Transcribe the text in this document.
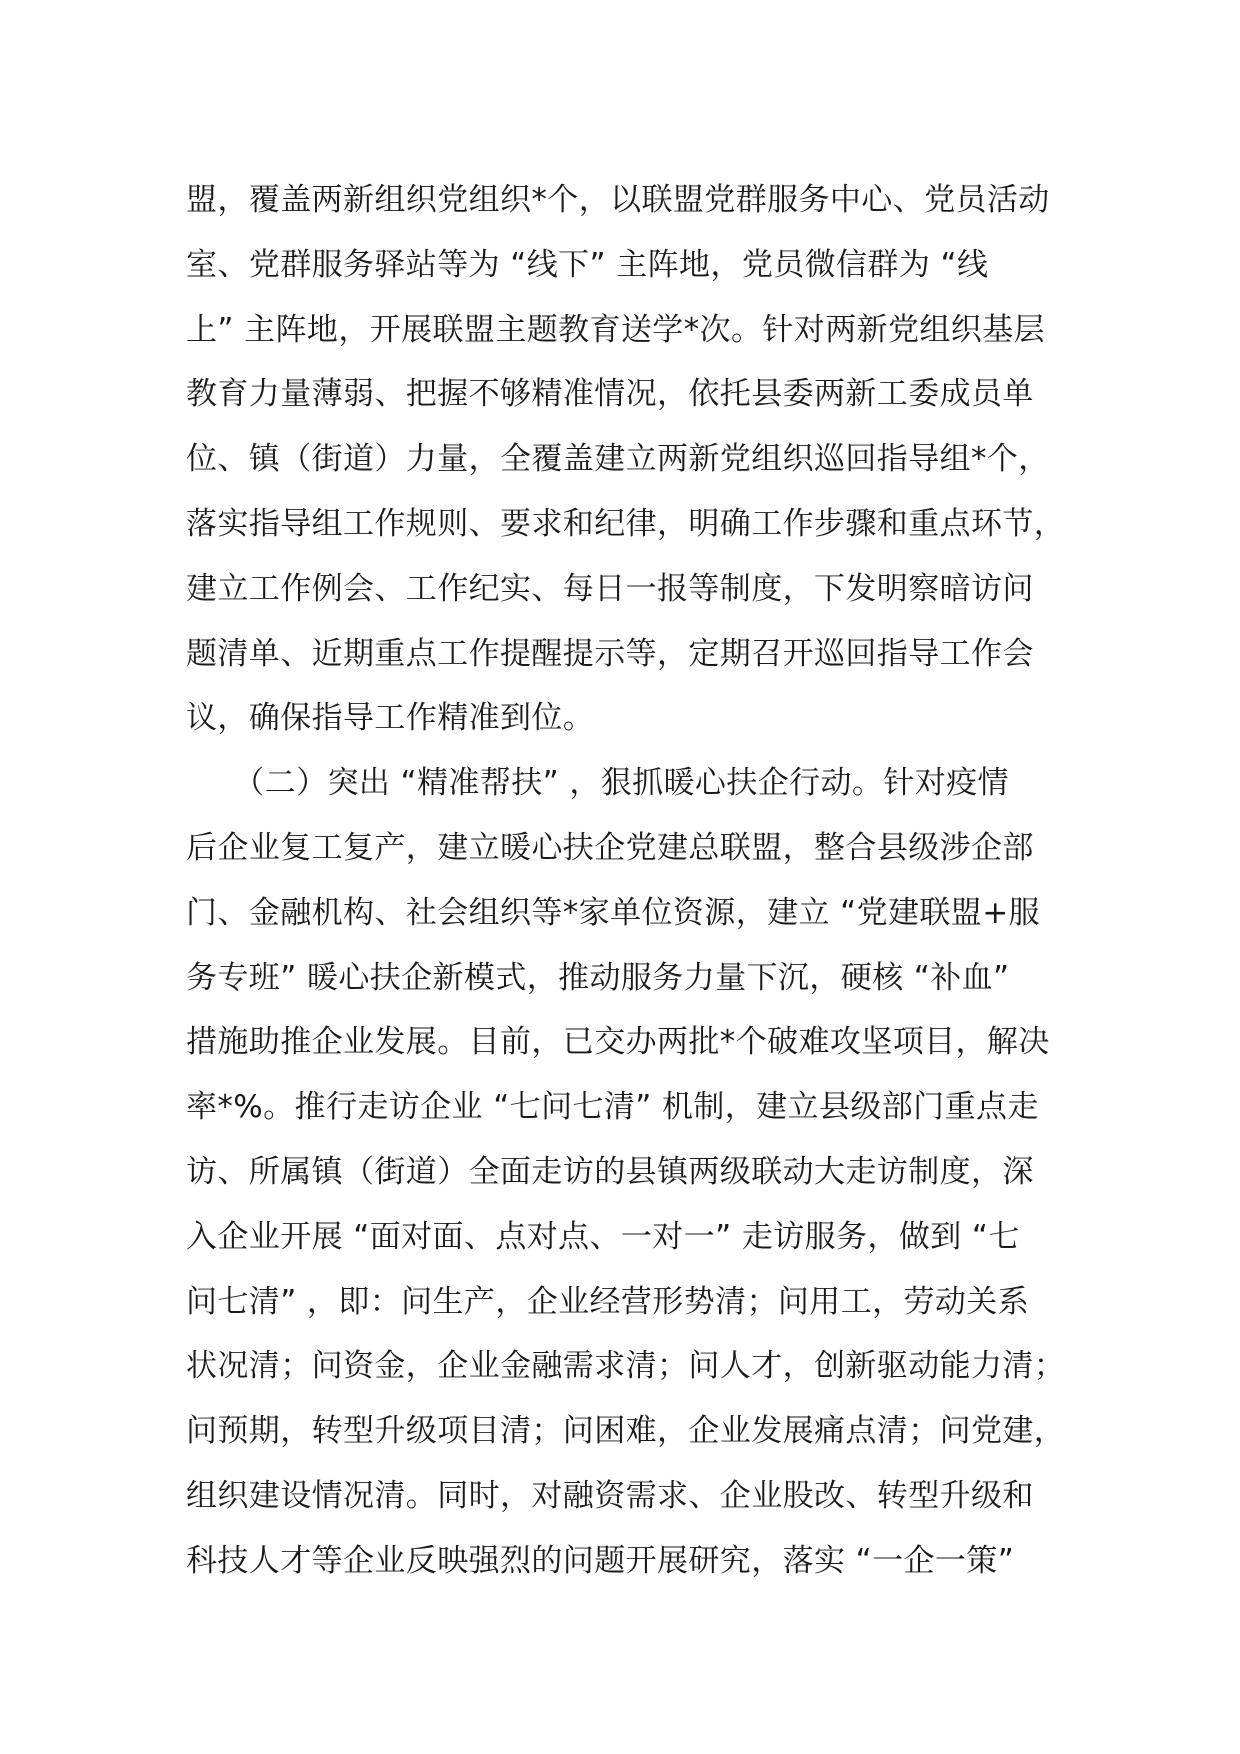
盟，覆盖两新组织党组织*个，以联盟党群服务中心、党员活动
室、党群服务驿站等为 “线下” 主阵地，党员微信群为 “线
上” 主阵地，开展联盟主题教育送学*次。针对两新党组织基层
教育力量薄弱、把握不够精准情况，依托县委两新工委成员单
位、镇（街道）力量，全覆盖建立两新党组织巡回指导组*个，
落实指导组工作规则、要求和纪律，明确工作步骤和重点环节，
建立工作例会、工作纪实、每日一报等制度，下发明察暗访问
题清单、近期重点工作提醒提示等，定期召开巡回指导工作会
议，确保指导工作精准到位。
　　（二）突出 “精准帮扶” ，狠抓暖心扶企行动。针对疫情
后企业复工复产，建立暖心扶企党建总联盟，整合县级涉企部
门、金融机构、社会组织等*家单位资源，建立 “党建联盟+服
务专班” 暖心扶企新模式，推动服务力量下沉，硬核 “补血”
措施助推企业发展。目前，已交办两批*个破难攻坚项目，解决
率*%。推行走访企业 “七问七清” 机制，建立县级部门重点走
访、所属镇（街道）全面走访的县镇两级联动大走访制度，深
入企业开展 “面对面、点对点、一对一” 走访服务，做到 “七
问七清” ，即：问生产，企业经营形势清；问用工，劳动关系
状况清；问资金，企业金融需求清；问人才，创新驱动能力清；
问预期，转型升级项目清；问困难，企业发展痛点清；问党建，
组织建设情况清。同时，对融资需求、企业股改、转型升级和
科技人才等企业反映强烈的问题开展研究，落实 “一企一策”
